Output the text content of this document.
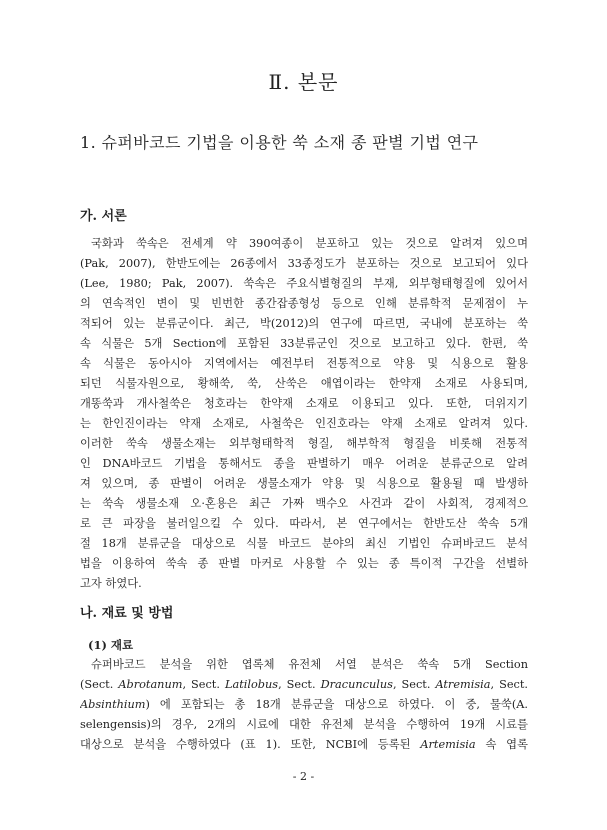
Ⅱ. 본문
1. 슈퍼바코드 기법을 이용한 쑥 소재 종 판별 기법 연구
가. 서론
국화과 쑥속은 전세계 약 390여종이 분포하고 있는 것으로 알려져 있으며
(Pak, 2007), 한반도에는 26종에서 33종정도가 분포하는 것으로 보고되어 있다
(Lee, 1980; Pak, 2007). 쑥속은 주요식별형질의 부재, 외부형태형질에 있어서
의 연속적인 변이 및 빈번한 종간잡종형성 등으로 인해 분류학적 문제점이 누
적되어 있는 분류군이다. 최근, 박(2012)의 연구에 따르면, 국내에 분포하는 쑥
속 식물은 5개 Section에 포함된 33분류군인 것으로 보고하고 있다. 한편, 쑥
속 식물은 동아시아 지역에서는 예전부터 전통적으로 약용 및 식용으로 활용
되던 식물자원으로, 황해쑥, 쑥, 산쑥은 애엽이라는 한약재 소재로 사용되며,
개똥쑥과 개사철쑥은 청호라는 한약재 소재로 이용되고 있다. 또한, 더위지기
는 한인진이라는 약재 소재로, 사철쑥은 인진호라는 약재 소재로 알려져 있다.
이러한 쑥속 생물소재는 외부형태학적 형질, 해부학적 형질을 비롯해 전통적
인 DNA바코드 기법을 통해서도 종을 판별하기 매우 어려운 분류군으로 알려
져 있으며, 종 판별이 어려운 생물소재가 약용 및 식용으로 활용될 때 발생하
는 쑥속 생물소재 오·혼용은 최근 가짜 백수오 사건과 같이 사회적, 경제적으
로 큰 파장을 불러일으킬 수 있다. 따라서, 본 연구에서는 한반도산 쑥속 5개
절 18개 분류군을 대상으로 식물 바코드 분야의 최신 기법인 슈퍼바코드 분석
법을 이용하여 쑥속 종 판별 마커로 사용할 수 있는 종 특이적 구간을 선별하
고자 하였다.
나. 재료 및 방법
(1) 재료
슈퍼바코드 분석을 위한 엽록체 유전체 서열 분석은 쑥속 5개 Section
(Sect. Abrotanum, Sect. Latilobus, Sect. Dracunculus, Sect. Atremisia, Sect.
Absinthium) 에 포함되는 총 18개 분류군을 대상으로 하였다. 이 중, 물쑥(A.
selengensis)의 경우, 2개의 시료에 대한 유전체 분석을 수행하여 19개 시료를
대상으로 분석을 수행하였다 (표 1). 또한, NCBI에 등록된 Artemisia 속 엽록
- 2 -
